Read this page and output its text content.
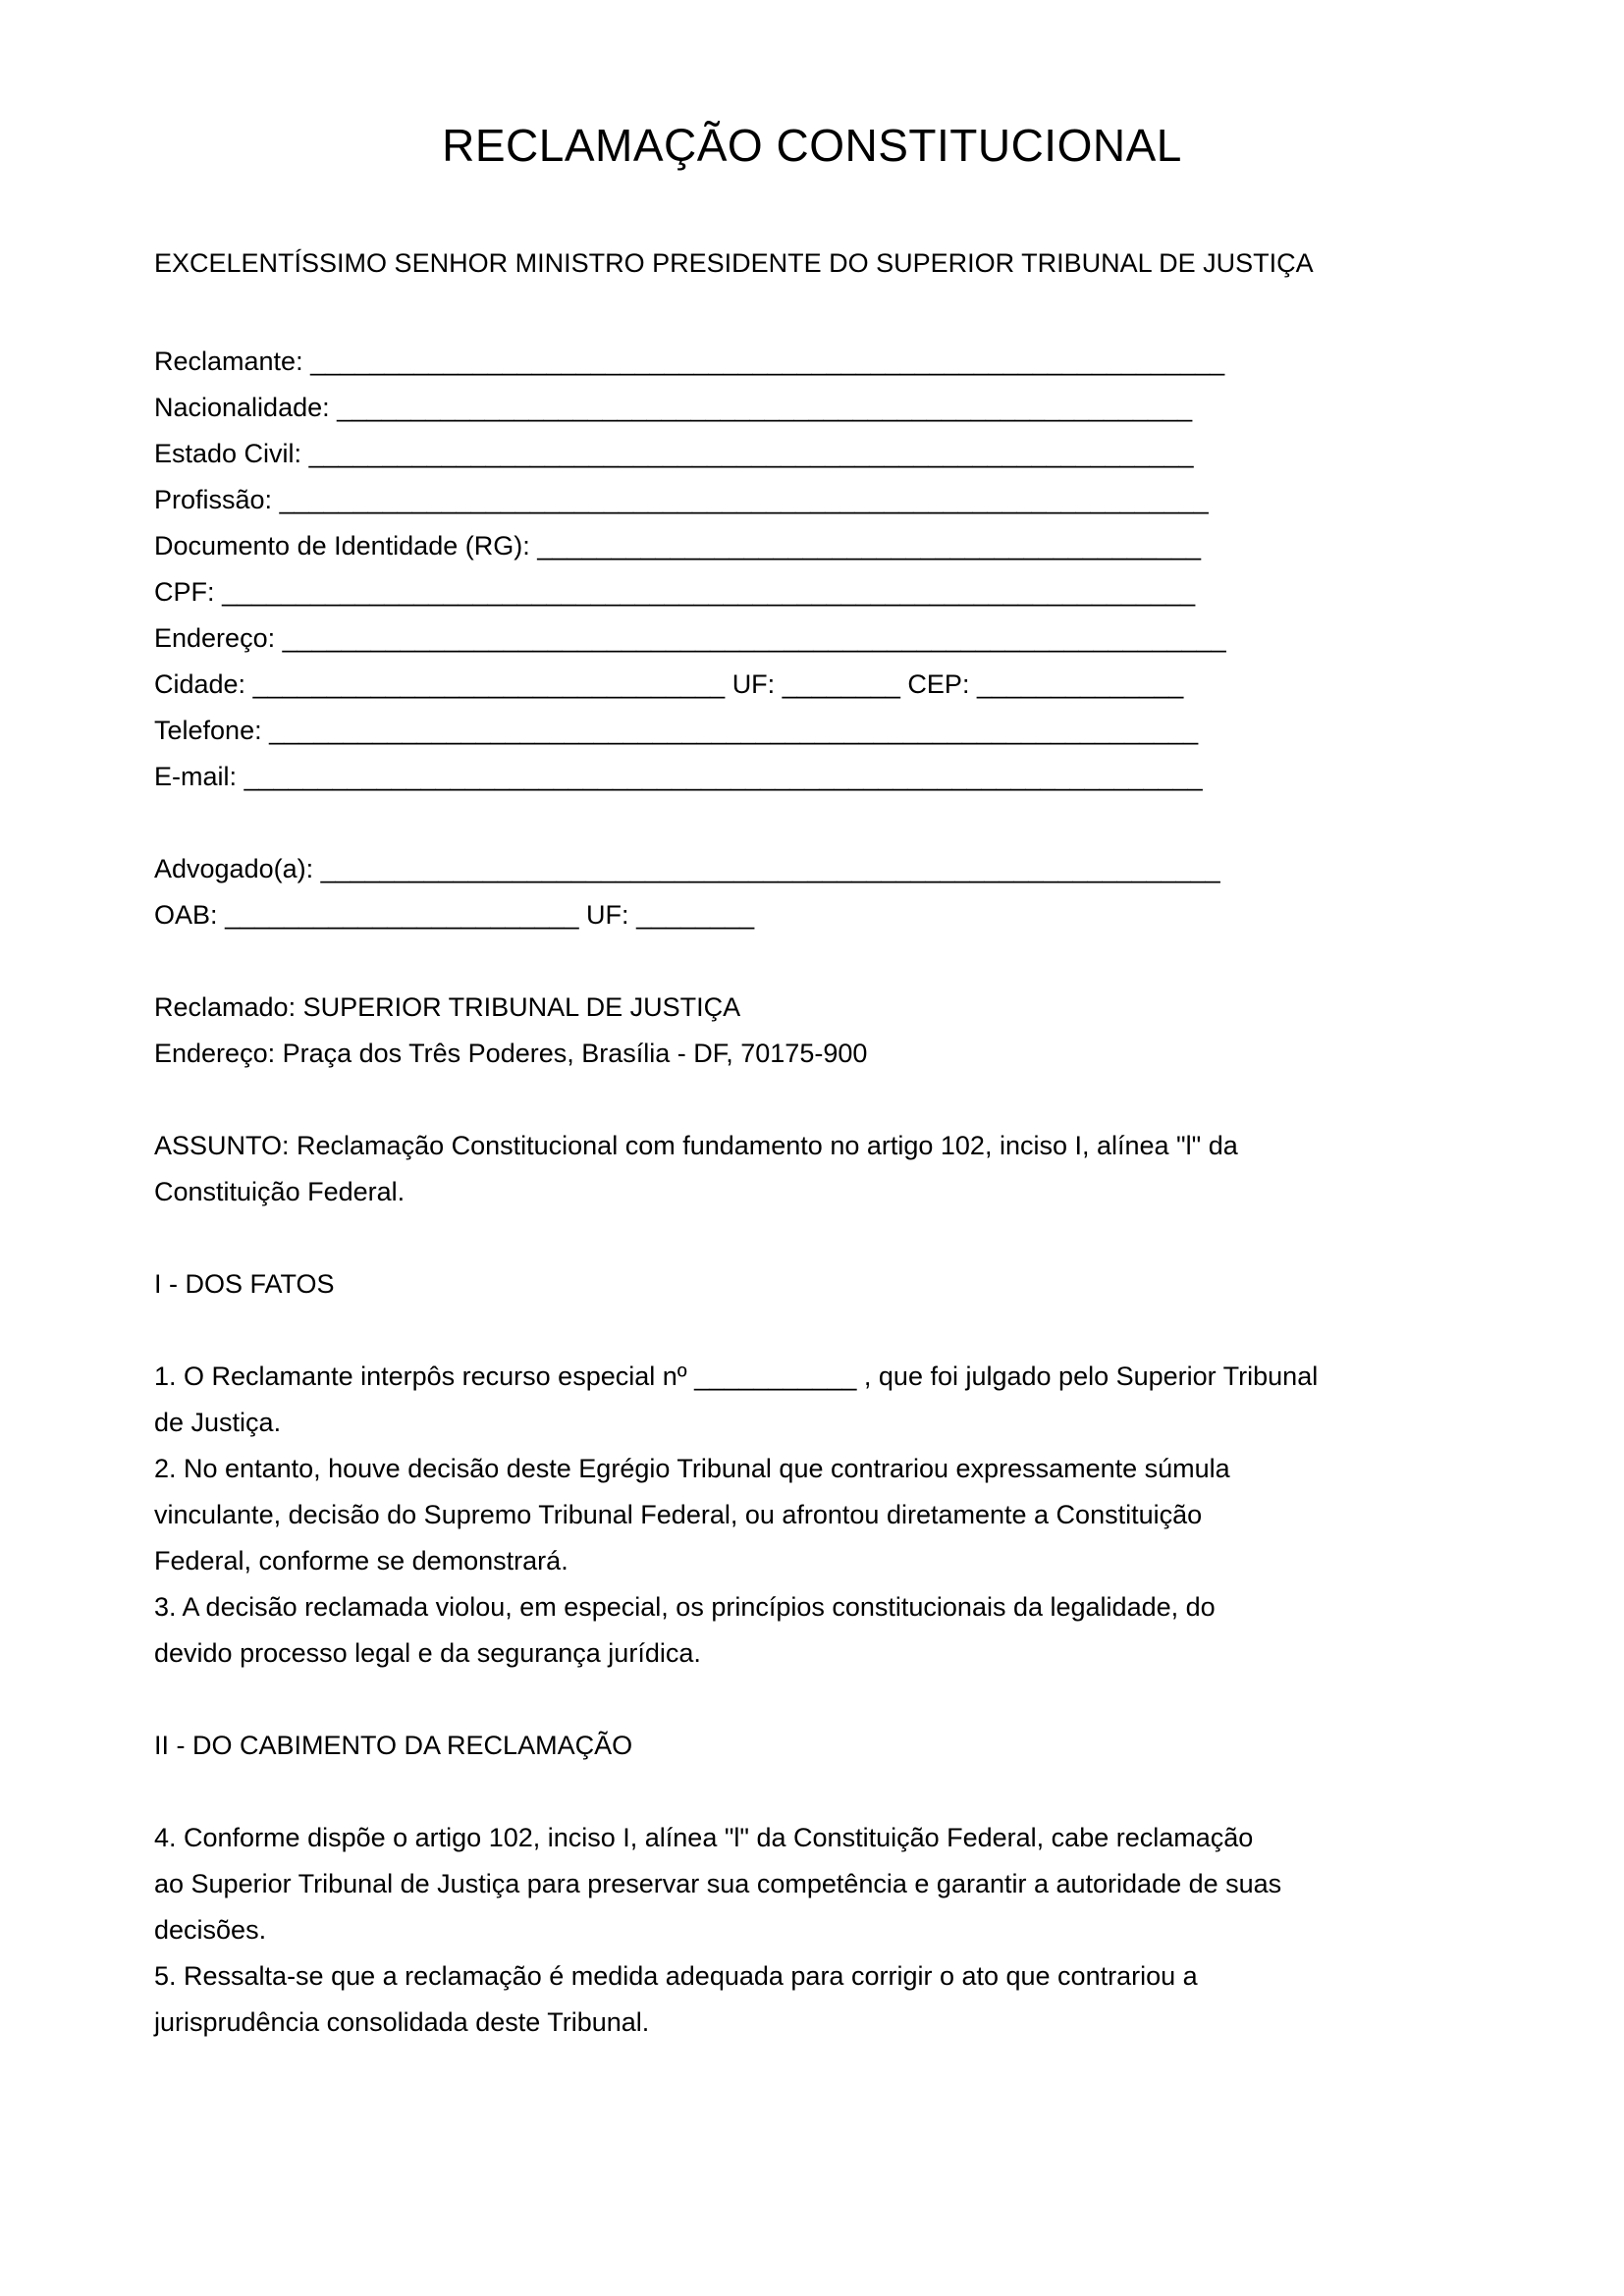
RECLAMAÇÃO CONSTITUCIONAL

EXCELENTÍSSIMO SENHOR MINISTRO PRESIDENTE DO SUPERIOR TRIBUNAL DE JUSTIÇA

Reclamante: ______________________________________________________________
Nacionalidade: __________________________________________________________
Estado Civil: ____________________________________________________________
Profissão: _______________________________________________________________
Documento de Identidade (RG): _____________________________________________
CPF: __________________________________________________________________
Endereço: ________________________________________________________________
Cidade: ________________________________ UF: ________ CEP: ______________
Telefone: _______________________________________________________________
E-mail: _________________________________________________________________
Advogado(a): _____________________________________________________________
OAB: ________________________ UF: ________
Reclamado: SUPERIOR TRIBUNAL DE JUSTIÇA
Endereço: Praça dos Três Poderes, Brasília - DF, 70175-900
ASSUNTO: Reclamação Constitucional com fundamento no artigo 102, inciso I, alínea "l" da
Constituição Federal.
I - DOS FATOS
1. O Reclamante interpôs recurso especial nº ___________ , que foi julgado pelo Superior Tribunal
de Justiça.
2. No entanto, houve decisão deste Egrégio Tribunal que contrariou expressamente súmula
vinculante, decisão do Supremo Tribunal Federal, ou afrontou diretamente a Constituição
Federal, conforme se demonstrará.
3. A decisão reclamada violou, em especial, os princípios constitucionais da legalidade, do
devido processo legal e da segurança jurídica.
II - DO CABIMENTO DA RECLAMAÇÃO
4. Conforme dispõe o artigo 102, inciso I, alínea "l" da Constituição Federal, cabe reclamação
ao Superior Tribunal de Justiça para preservar sua competência e garantir a autoridade de suas
decisões.
5. Ressalta-se que a reclamação é medida adequada para corrigir o ato que contrariou a
jurisprudência consolidada deste Tribunal.
